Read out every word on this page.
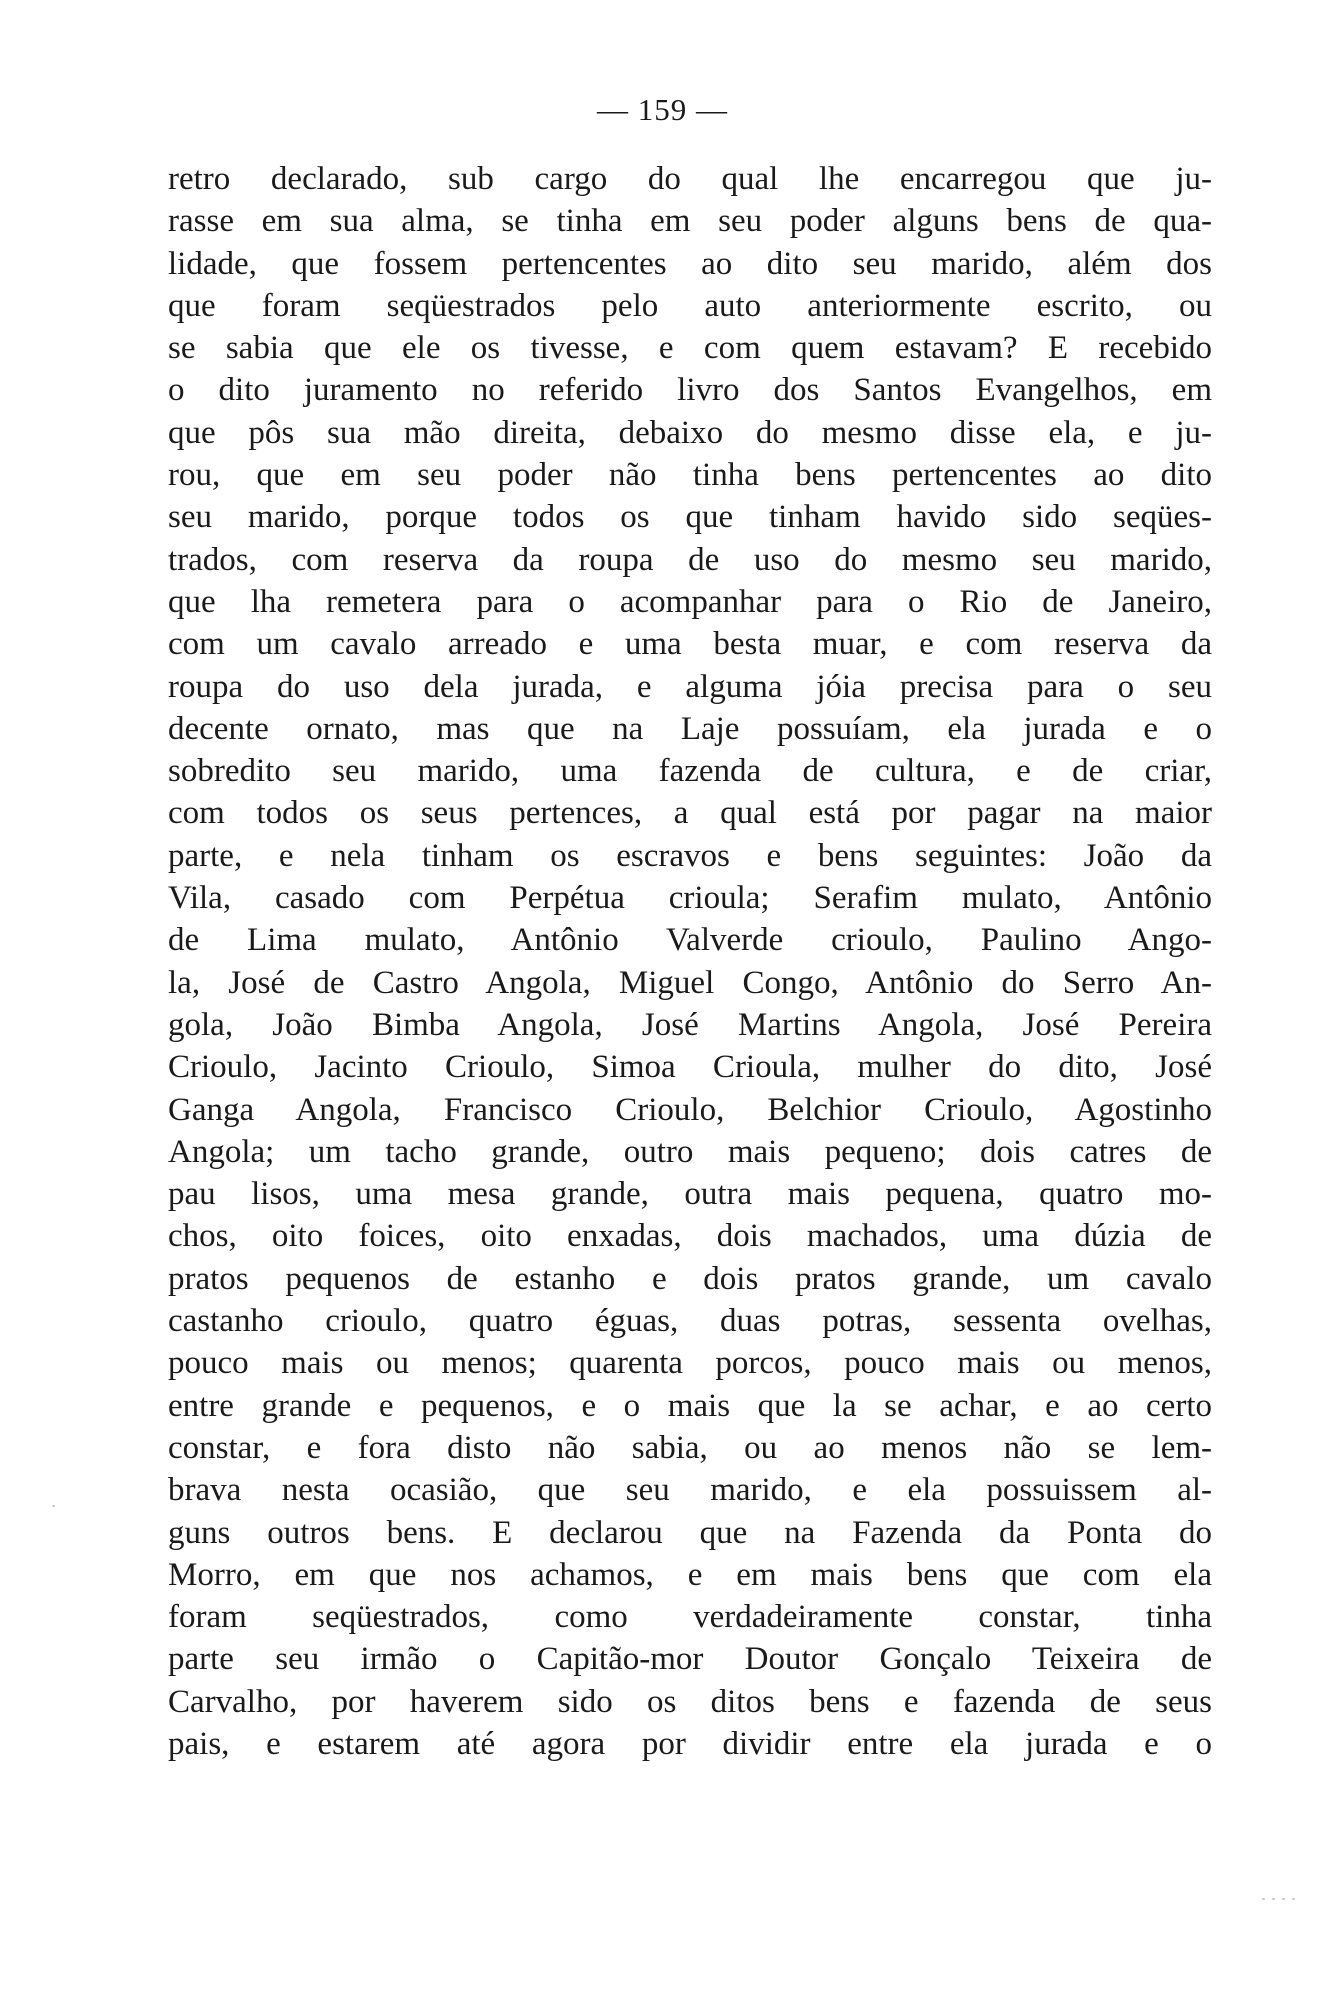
— 159 —
retro declarado, sub cargo do qual lhe encarregou que ju-
rasse em sua alma, se tinha em seu poder alguns bens de qua-
lidade, que fossem pertencentes ao dito seu marido, além dos
que foram seqüestrados pelo auto anteriormente escrito, ou
se sabia que ele os tivesse, e com quem estavam? E recebido
o dito juramento no referido livro dos Santos Evangelhos, em
que pôs sua mão direita, debaixo do mesmo disse ela, e ju-
rou, que em seu poder não tinha bens pertencentes ao dito
seu marido, porque todos os que tinham havido sido seqües-
trados, com reserva da roupa de uso do mesmo seu marido,
que lha remetera para o acompanhar para o Rio de Janeiro,
com um cavalo arreado e uma besta muar, e com reserva da
roupa do uso dela jurada, e alguma jóia precisa para o seu
decente ornato, mas que na Laje possuíam, ela jurada e o
sobredito seu marido, uma fazenda de cultura, e de criar,
com todos os seus pertences, a qual está por pagar na maior
parte, e nela tinham os escravos e bens seguintes: João da
Vila, casado com Perpétua crioula; Serafim mulato, Antônio
de Lima mulato, Antônio Valverde crioulo, Paulino Ango-
la, José de Castro Angola, Miguel Congo, Antônio do Serro An-
gola, João Bimba Angola, José Martins Angola, José Pereira
Crioulo, Jacinto Crioulo, Simoa Crioula, mulher do dito, José
Ganga Angola, Francisco Crioulo, Belchior Crioulo, Agostinho
Angola; um tacho grande, outro mais pequeno; dois catres de
pau lisos, uma mesa grande, outra mais pequena, quatro mo-
chos, oito foices, oito enxadas, dois machados, uma dúzia de
pratos pequenos de estanho e dois pratos grande, um cavalo
castanho crioulo, quatro éguas, duas potras, sessenta ovelhas,
pouco mais ou menos; quarenta porcos, pouco mais ou menos,
entre grande e pequenos, e o mais que la se achar, e ao certo
constar, e fora disto não sabia, ou ao menos não se lem-
brava nesta ocasião, que seu marido, e ela possuissem al-
guns outros bens. E declarou que na Fazenda da Ponta do
Morro, em que nos achamos, e em mais bens que com ela
foram seqüestrados, como verdadeiramente constar, tinha
parte seu irmão o Capitão-mor Doutor Gonçalo Teixeira de
Carvalho, por haverem sido os ditos bens e fazenda de seus
pais, e estarem até agora por dividir entre ela jurada e o
